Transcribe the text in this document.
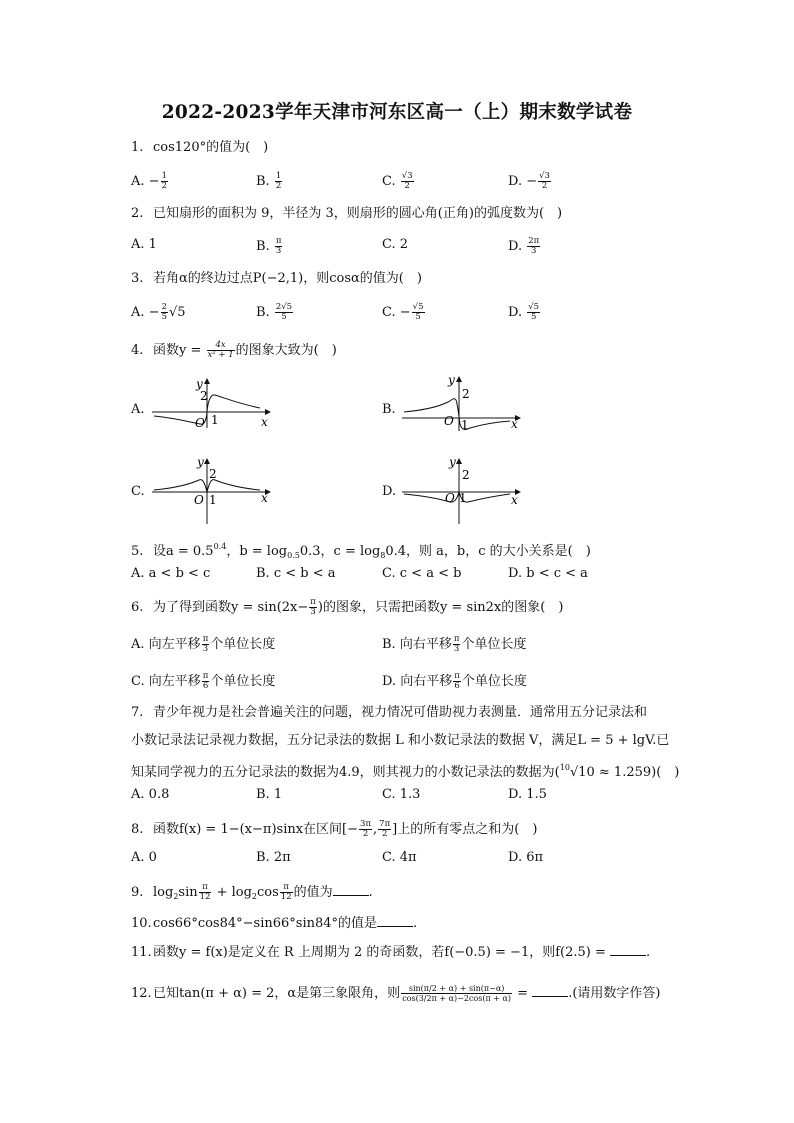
2022-2023学年天津市河东区高一（上）期末数学试卷
1. cos120°的值为(　)
A. − $\frac{1}{2}$	B. $\frac{1}{2}$	C. $\frac{√3}{2}$	D. − $\frac{√3}{2}$
2. 已知扇形的面积为 9，半径为 3，则扇形的圆心角(正角)的弧度数为(　)
A. 1	B. $\frac{\pi}{3}$	C. 2	D. $\frac{2\pi}{3}$
3. 若角α的终边过点P(−2,1)，则cosα的值为(　)
A. − $\frac{2}{5} √5$	B. $\frac{2√5}{5}$	C. − $\frac{√5}{5}$	D. $\frac{√5}{5}$
4. 函数$y = \frac{4x}{\text{x² + 1}}$ 的图象大致为(　)
A.
y
2
O 1	x
B.
y
2
O 1	x
C.
y
2
O 1	x	D.
y
2
O 1	x
5. 设$a = 0.5^{0.4}$，$b = \log_{0.5}0.3$，$c = \log_80.4$，则 a，b，c 的大小关系是(　)
A. a < b < c	B. c < b < a	C. c < a < b	D. b < c < a
6. 为了得到函数$y = \sin(2x- \frac{\pi}{3}$ )的图象，只需把函数y = sin2x的图象(　)
A. 向左平移 $\frac{\pi}{3}$ 个单位长度	B. 向右平移 $\frac{\pi}{3}$ 个单位长度
C. 向左平移 $\frac{\pi}{6}$ 个单位长度	D. 向右平移 $\frac{\pi}{6}$ 个单位长度
7. 青少年视力是社会普遍关注的问题，视力情况可借助视力表测量．通常用五分记录法和
小数记录法记录视力数据，五分记录法的数据 L 和小数记录法的数据 V，满足L = 5 + lgV.已
知某同学视力的五分记录法的数据为4.9，则其视力的小数记录法的数据为($^{10}$√10 ≈ 1.259)(　)
A. 0.8	B. 1	C. 1.3	D. 1.5
8. 函数f(x) = 1−(x−π)sinx在区间[− $\frac{3\pi}{2}$ , $\frac{7\pi}{2}$ ]上的所有零点之和为(　)
A. 0	B. 2π	C. 4π	D. 6π
9. $\log_2\sin \frac{\pi}{12} + \log_2\cos \frac{\pi}{12}$ 的值为	.
10.cos66°cos84°−sin66°sin84°的值是	.
11.函数y = f(x)是定义在 R 上周期为 2 的奇函数，若f(−0.5) = −1，则f(2.5) =	.
12.已知tan(π + α) = 2，α是第三象限角，则 $\frac{\sin(\pi/2 + \alpha) + \sin(\pi-\alpha)}{\cos(3/2\pi + \alpha)-2\cos(\pi + \alpha)}$ =	.(请用数字作答)
